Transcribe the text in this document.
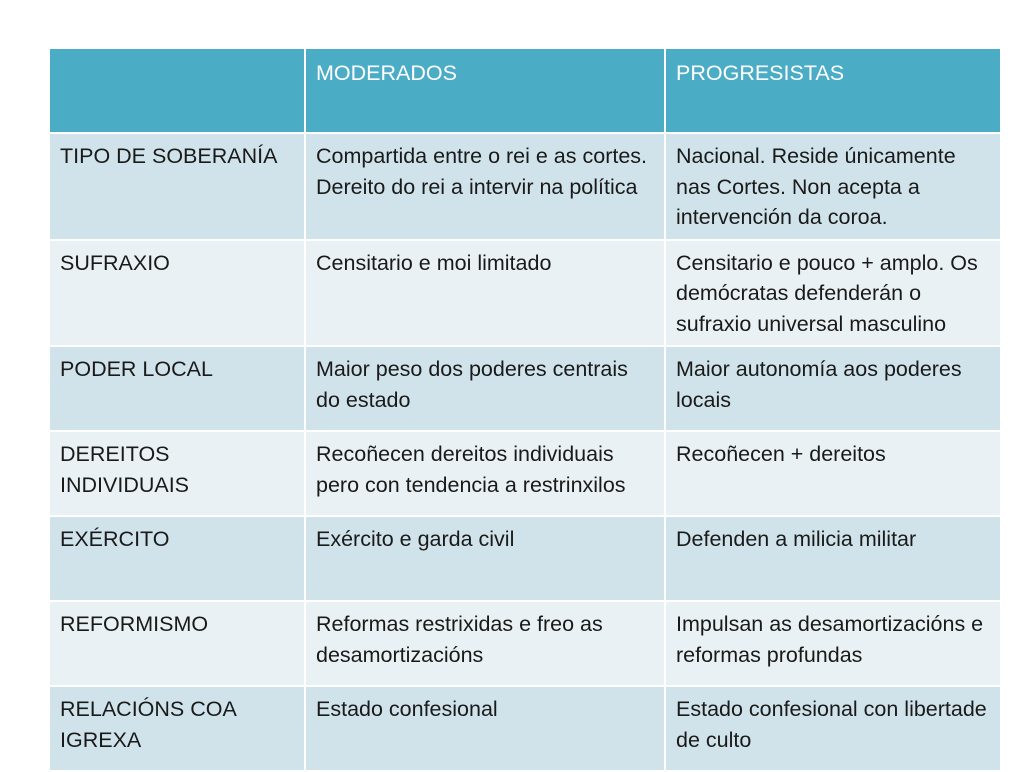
	MODERADOS	PROGRESISTAS
TIPO DE SOBERANÍA	Compartida entre o rei e as cortes. Dereito do rei a intervir na política	Nacional. Reside únicamente nas Cortes. Non acepta a intervención da coroa.
SUFRAXIO	Censitario e moi limitado	Censitario e pouco + amplo. Os demócratas defenderán o sufraxio universal masculino
PODER LOCAL	Maior peso dos poderes centrais do estado	Maior autonomía aos poderes locais
DEREITOS INDIVIDUAIS	Recoñecen dereitos individuais pero con tendencia a restrinxilos	Recoñecen + dereitos
EXÉRCITO	Exército e garda civil	Defenden a milicia militar
REFORMISMO	Reformas restrixidas e freo as desamortizacións	Impulsan as desamortizacións e reformas profundas
RELACIÓNS COA IGREXA	Estado confesional	Estado confesional con libertade de culto
